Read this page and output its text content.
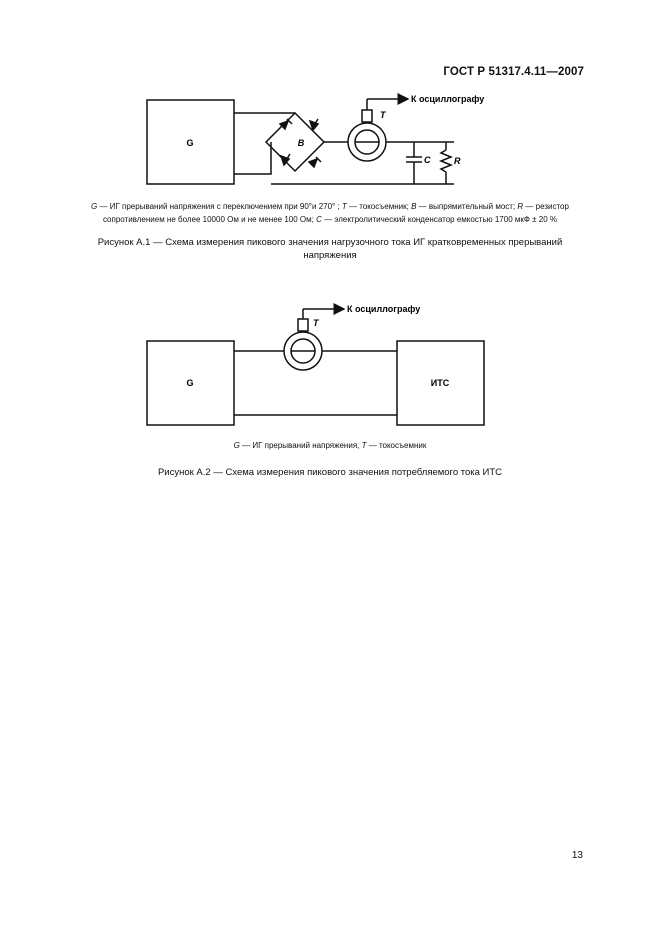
ГОСТ Р 51317.4.11—2007
G	B
T
C	R
К осциллографу
G — ИГ прерываний напряжения с переключением при 90°и 270° ; T — токосъемник; B — выпрямительный мост; R — резистор
сопротивлением не более 10000 Ом и не менее 100 Ом; C — электролитический конденсатор емкостью 1700 мкФ ± 20 %
Рисунок А.1 — Схема измерения пикового значения нагрузочного тока ИГ кратковременных прерываний
напряжения
G	ИТС
T
К осциллографу
G — ИГ прерываний напряжения, T — токосъемник
Рисунок А.2 — Схема измерения пикового значения потребляемого тока ИТС
13
